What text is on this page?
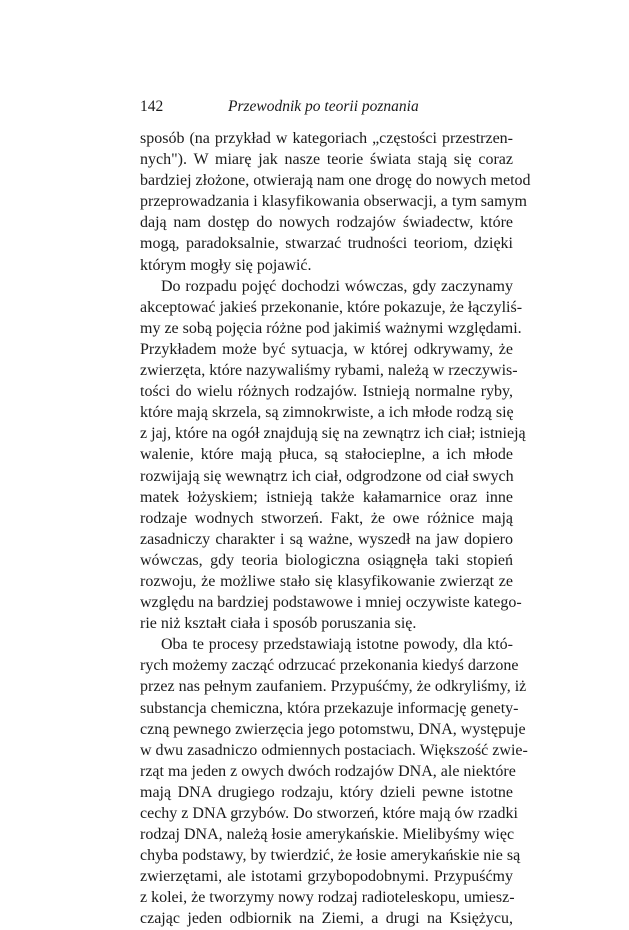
142	Przewodnik po teorii poznania

sposób (na przykład w kategoriach „częstości przestrzen-
nych"). W miarę jak nasze teorie świata stają się coraz
bardziej złożone, otwierają nam one drogę do nowych metod
przeprowadzania i klasyfikowania obserwacji, a tym samym
dają nam dostęp do nowych rodzajów świadectw, które
mogą, paradoksalnie, stwarzać trudności teoriom, dzięki
którym mogły się pojawić.

Do rozpadu pojęć dochodzi wówczas, gdy zaczynamy
akceptować jakieś przekonanie, które pokazuje, że łączyliś-
my ze sobą pojęcia różne pod jakimiś ważnymi względami.
Przykładem może być sytuacja, w której odkrywamy, że
zwierzęta, które nazywaliśmy rybami, należą w rzeczywis-
tości do wielu różnych rodzajów. Istnieją normalne ryby,
które mają skrzela, są zimnokrwiste, a ich młode rodzą się
z jaj, które na ogół znajdują się na zewnątrz ich ciał; istnieją
walenie, które mają płuca, są stałocieplne, a ich młode
rozwijają się wewnątrz ich ciał, odgrodzone od ciał swych
matek łożyskiem; istnieją także kałamarnice oraz inne
rodzaje wodnych stworzeń. Fakt, że owe różnice mają
zasadniczy charakter i są ważne, wyszedł na jaw dopiero
wówczas, gdy teoria biologiczna osiągnęła taki stopień
rozwoju, że możliwe stało się klasyfikowanie zwierząt ze
względu na bardziej podstawowe i mniej oczywiste katego-
rie niż kształt ciała i sposób poruszania się.

Oba te procesy przedstawiają istotne powody, dla któ-
rych możemy zacząć odrzucać przekonania kiedyś darzone
przez nas pełnym zaufaniem. Przypuśćmy, że odkryliśmy, iż
substancja chemiczna, która przekazuje informację genety-
czną pewnego zwierzęcia jego potomstwu, DNA, występuje
w dwu zasadniczo odmiennych postaciach. Większość zwie-
rząt ma jeden z owych dwóch rodzajów DNA, ale niektóre
mają DNA drugiego rodzaju, który dzieli pewne istotne
cechy z DNA grzybów. Do stworzeń, które mają ów rzadki
rodzaj DNA, należą łosie amerykańskie. Mielibyśmy więc
chyba podstawy, by twierdzić, że łosie amerykańskie nie są
zwierzętami, ale istotami grzybopodobnymi. Przypuśćmy
z kolei, że tworzymy nowy rodzaj radioteleskopu, umiesz-
czając jeden odbiornik na Ziemi, a drugi na Księżycu,
